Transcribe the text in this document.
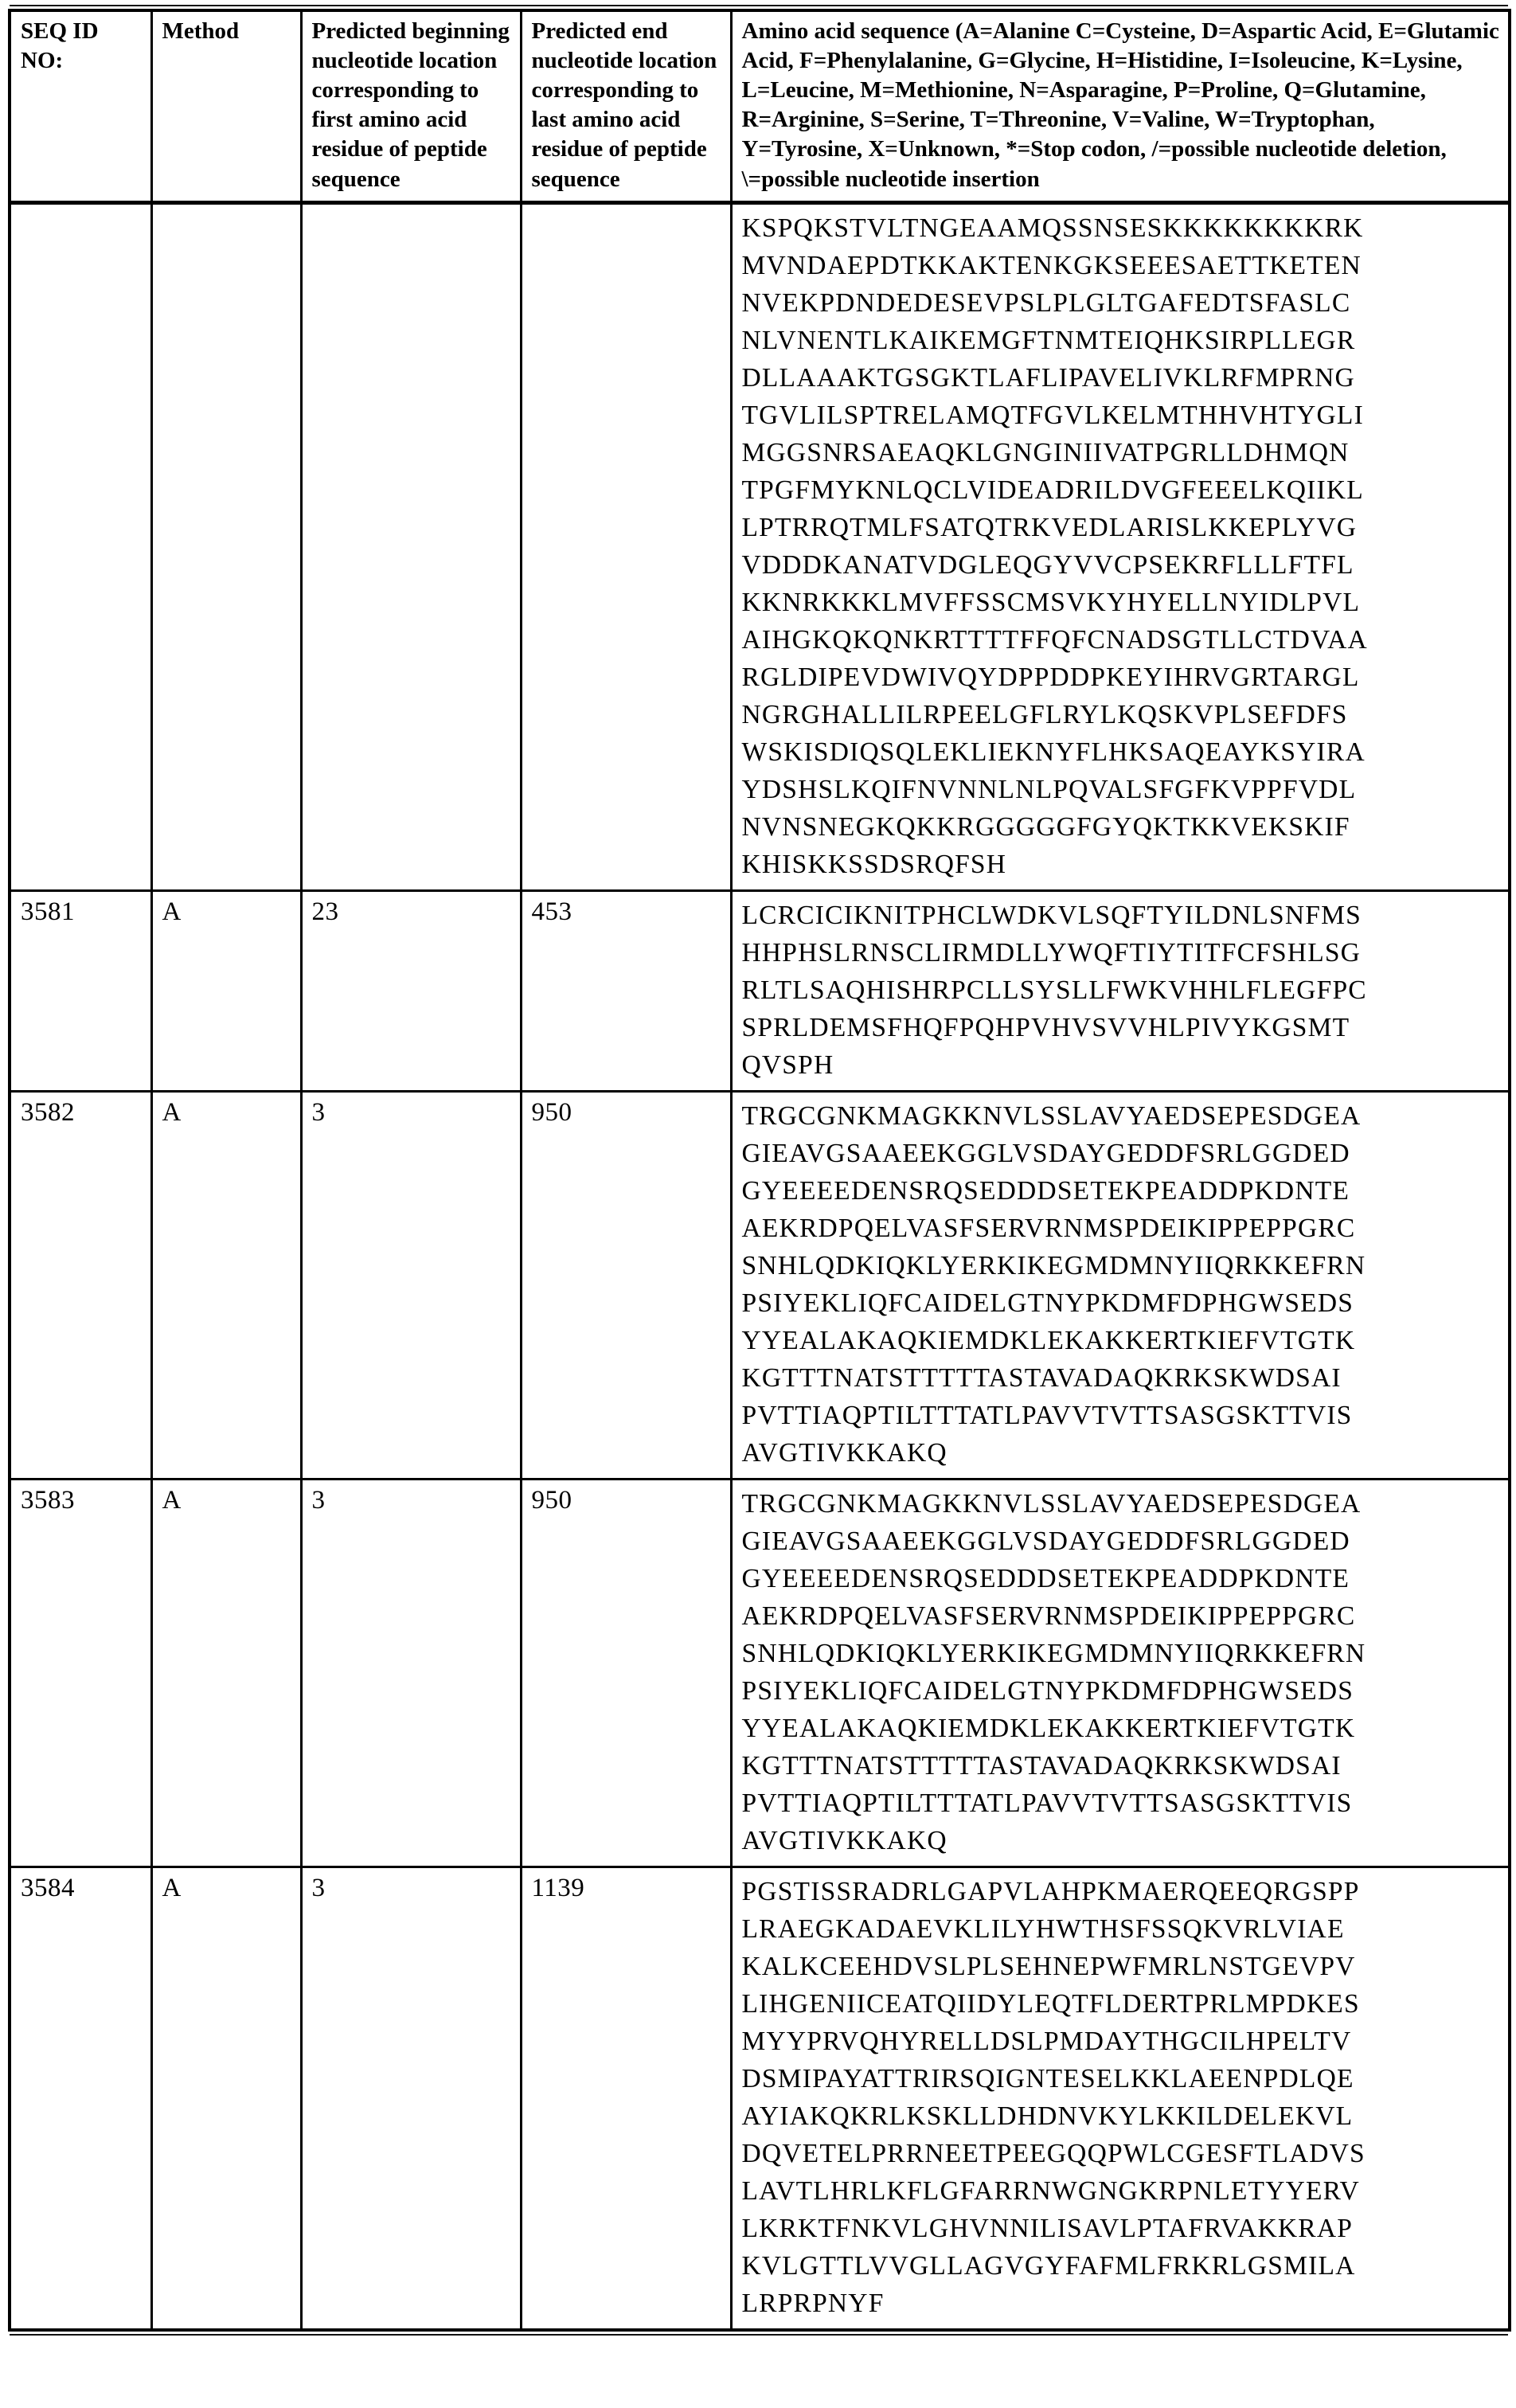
SEQ ID NO:	Method	Predicted beginning nucleotide location corresponding to first amino acid residue of peptide sequence	Predicted end nucleotide location corresponding to last amino acid residue of peptide sequence	Amino acid sequence (A=Alanine C=Cysteine, D=Aspartic Acid, E=Glutamic Acid, F=Phenylalanine, G=Glycine, H=Histidine, I=Isoleucine, K=Lysine, L=Leucine, M=Methionine, N=Asparagine, P=Proline, Q=Glutamine, R=Arginine, S=Serine, T=Threonine, V=Valine, W=Tryptophan, Y=Tyrosine, X=Unknown, *=Stop codon, /=possible nucleotide deletion, \=possible nucleotide insertion
				KSPQKSTVLTNGEAAMQSSNSESKKKKKKKKRK
MVNDAEPDTKKAKTENKGKSEEESAETTKETEN
NVEKPDNDEDESEVPSLPLGLTGAFEDTSFASLC
NLVNENTLKAIKEMGFTNMTEIQHKSIRPLLEGR
DLLAAAKTGSGKTLAFLIPAVELIVKLRFMPRNG
TGVLILSPTRELAMQTFGVLKELMTHHVHTYGLI
MGGSNRSAEAQKLGNGINIIVATPGRLLDHMQN
TPGFMYKNLQCLVIDEADRILDVGFEEELKQIIKL
LPTRRQTMLFSATQTRKVEDLARISLKKEPLYVG
VDDDKANATVDGLEQGYVVCPSEKRFLLLFTFL
KKNRKKKLMVFFSSCMSVKYHYELLNYIDLPVL
AIHGKQKQNKRTTTTFFQFCNADSGTLLCTDVAA
RGLDIPEVDWIVQYDPPDDPKEYIHRVGRTARGL
NGRGHALLILRPEELGFLRYLKQSKVPLSEFDFS
WSKISDIQSQLEKLIEKNYFLHKSAQEAYKSYIRA
YDSHSLKQIFNVNNLNLPQVALSFGFKVPPFVDL
NVNSNEGKQKKRGGGGGFGYQKTKKVEKSKIF
KHISKKSSDSRQFSH
3581	A	23	453	LCRCICIKNITPHCLWDKVLSQFTYILDNLSNFMS
HHPHSLRNSCLIRMDLLYWQFTIYTITFCFSHLSG
RLTLSAQHISHRPCLLSYSLLFWKVHHLFLEGFPC
SPRLDEMSFHQFPQHPVHVSVVHLPIVYKGSMT
QVSPH
3582	A	3	950	TRGCGNKMAGKKNVLSSLAVYAEDSEPESDGEA
GIEAVGSAAEEKGGLVSDAYGEDDFSRLGGDED
GYEEEEDENSRQSEDDDSETEKPEADDPKDNTE
AEKRDPQELVASFSERVRNMSPDEIKIPPEPPGRC
SNHLQDKIQKLYERKIKEGMDMNYIIQRKKEFRN
PSIYEKLIQFCAIDELGTNYPKDMFDPHGWSEDS
YYEALAKAQKIEMDKLEKAKKERTKIEFVTGTK
KGTTTNATSTTTTTASTAVADAQKRKSKWDSAI
PVTTIAQPTILTTTATLPAVVTVTTSASGSKTTVIS
AVGTIVKKAKQ
3583	A	3	950	TRGCGNKMAGKKNVLSSLAVYAEDSEPESDGEA
GIEAVGSAAEEKGGLVSDAYGEDDFSRLGGDED
GYEEEEDENSRQSEDDDSETEKPEADDPKDNTE
AEKRDPQELVASFSERVRNMSPDEIKIPPEPPGRC
SNHLQDKIQKLYERKIKEGMDMNYIIQRKKEFRN
PSIYEKLIQFCAIDELGTNYPKDMFDPHGWSEDS
YYEALAKAQKIEMDKLEKAKKERTKIEFVTGTK
KGTTTNATSTTTTTASTAVADAQKRKSKWDSAI
PVTTIAQPTILTTTATLPAVVTVTTSASGSKTTVIS
AVGTIVKKAKQ
3584	A	3	1139	PGSTISSRADRLGAPVLAHPKMAERQEEQRGSPP
LRAEGKADAEVKLILYHWTHSFSSQKVRLVIAE
KALKCEEHDVSLPLSEHNEPWFMRLNSTGEVPV
LIHGENIICEATQIIDYLEQTFLDERTPRLMPDKES
MYYPRVQHYRELLDSLPMDAYTHGCILHPELTV
DSMIPAYATTRIRSQIGNTESELKKLAEENPDLQE
AYIAKQKRLKSKLLDHDNVKYLKKILDELEKVL
DQVETELPRRNEETPEEGQQPWLCGESFTLADVS
LAVTLHRLKFLGFARRNWGNGKRPNLETYYERV
LKRKTFNKVLGHVNNILISAVLPTAFRVAKKRAP
KVLGTTLVVGLLAGVGYFAFMLFRKRLGSMILA
LRPRPNYF
